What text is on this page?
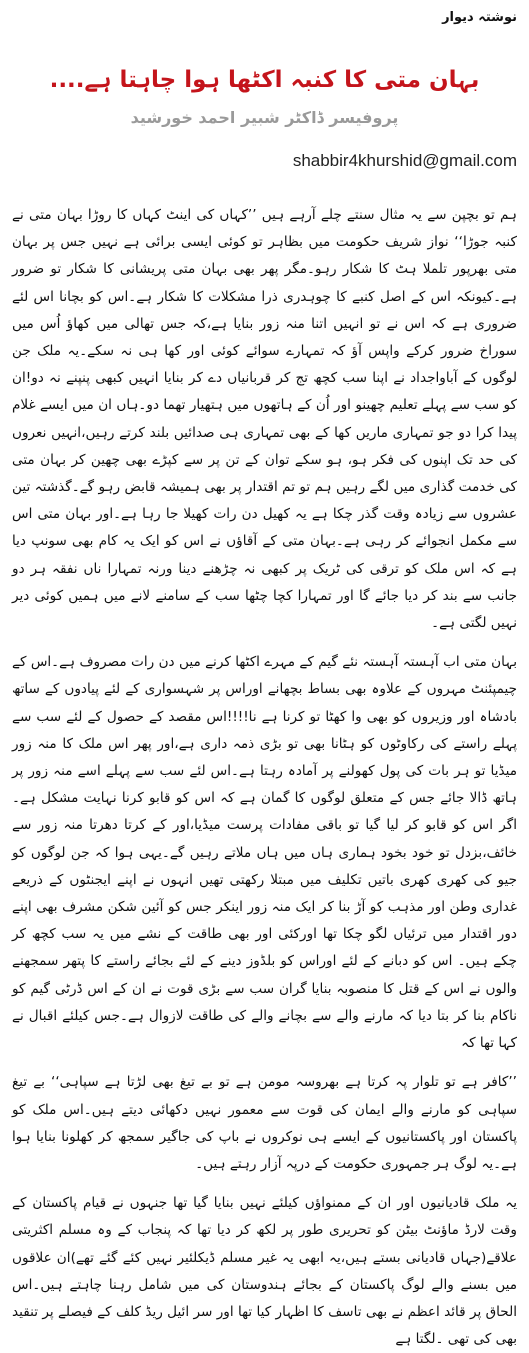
نوشتہ دیوار
بہان متی کا کنبہ اکٹھا ہوا چاہتا ہے....
پروفیسر ڈاکٹر شبیر احمد خورشید
shabbir4khurshid@gmail.com

ہم تو بچپن سے یہ مثال سنتے چلے آرہے ہیں ’’کہاں کی اینٹ کہاں کا روڑا بہان متی نے کنبہ جوڑا‘‘ نواز شریف حکومت میں بظاہر تو کوئی ایسی برائی ہے نہیں جس پر بہان متی بھرپور تلملا ہٹ کا شکار رہو۔مگر پھر بھی بہان متی پریشانی کا شکار تو ضرور ہے۔کیونکہ اس کے اصل کنبے کا چوہدری ذرا مشکلات کا شکار ہے۔اس کو بچانا اس لئے ضروری ہے کہ اس نے تو انہیں اتنا منہ زور بنایا ہے،کہ جس تھالی میں کھاؤ اُس میں سوراخ ضرور کرکے واپس آؤ کہ تمہارے سوائے کوئی اور کھا ہی نہ سکے۔یہ ملک جن لوگوں کے آباواجداد نے اپنا سب کچھ تج کر قربانیاں دے کر بنایا انہیں کبھی پنپنے نہ دو!ان کو سب سے پہلے تعلیم چھینو اور اُن کے ہاتھوں میں ہتھیار تھما دو۔ہاں ان میں ایسے غلام پیدا کرا دو جو تمہاری ماریں کھا کے بھی تمہاری ہی صدائیں بلند کرتے رہیں،انہیں نعروں کی حد تک اپنوں کی فکر ہو، ہو سکے توان کے تن پر سے کپڑے بھی چھین کر بہان متی کی خدمت گذاری میں لگے رہیں ہم تو تم اقتدار پر بھی ہمیشہ قابض رہو گے۔گذشتہ تین عشروں سے زیادہ وقت گذر چکا ہے یہ کھیل دن رات کھیلا جا رہا ہے۔اور بہان متی اس سے مکمل انجوائے کر رہی ہے۔بہان متی کے آقاؤں نے اس کو ایک یہ کام بھی سونپ دیا ہے کہ اس ملک کو ترقی کی ٹریک پر کبھی نہ چڑھنے دینا ورنہ تمہارا ناں نفقہ ہر دو جانب سے بند کر دیا جائے گا اور تمہارا کچا چٹھا سب کے سامنے لانے میں ہمیں کوئی دیر نہیں لگتی ہے۔

بہان متی اب آہستہ آہستہ نئے گیم کے مہرے اکٹھا کرنے میں دن رات مصروف ہے۔اس کے چیمپئنٹ مہروں کے علاوہ بھی بساط بچھانے اوراس پر شہسواری کے لئے پیادوں کے ساتھ بادشاہ اور وزیروں کو بھی وا کھٹا تو کرنا ہے نا!!!!اس مقصد کے حصول کے لئے سب سے پہلے راستے کی رکاوٹوں کو ہٹانا بھی تو بڑی ذمہ داری ہے،اور پھر اس ملک کا منہ زور میڈیا تو ہر بات کی پول کھولنے پر آمادہ رہتا ہے۔اس لئے سب سے پہلے اسے منہ زور پر ہاتھ ڈالا جائے جس کے متعلق لوگوں کا گمان ہے کہ اس کو قابو کرنا نہایت مشکل ہے۔اگر اس کو قابو کر لیا گیا تو باقی مفادات پرست میڈیا،اور کے کرتا دھرتا منہ زور سے خائف،بزدل تو خود بخود ہماری ہاں میں ہاں ملاتے رہیں گے۔یہی ہوا کہ جن لوگوں کو جیو کی کھری کھری باتیں تکلیف میں مبتلا رکھتی تھیں انہوں نے اپنے ایجنٹوں کے ذریعے غداری وطن اور مذہب کو آڑ بنا کر ایک منہ زور اینکر جس کو آئین شکن مشرف بھی اپنے دور اقتدار میں ترئیاں لگو چکا تھا اورکئی اور بھی طاقت کے نشے میں یہ سب کچھ کر چکے ہیں۔ اس کو دبانے کے لئے اوراس کو بلڈوز دینے کے لئے بجائے راستے کا پتھر سمجھنے والوں نے اس کے قتل کا منصوبہ بنایا گران سب سے بڑی قوت نے ان کے اس ڈرٹی گیم کو ناکام بنا کر بتا دیا کہ مارنے والے سے بچانے والے کی طاقت لازوال ہے۔جس کیلئے اقبال نے کہا تھا کہ

’’کافر ہے تو تلوار پہ کرتا ہے بھروسہ مومن ہے تو بے تیغ بھی لڑتا ہے سپاہی‘‘ بے تیغ سپاہی کو مارنے والے ایمان کی قوت سے معمور نہیں دکھائی دیتے ہیں۔اس ملک کو پاکستان اور پاکستانیوں کے ایسے ہی نوکروں نے باپ کی جاگیر سمجھ کر کھلونا بنایا ہوا ہے۔یہ لوگ ہر جمہوری حکومت کے درپہ آزار رہتے ہیں۔

یہ ملک قادیانیوں اور ان کے ممنواؤں کیلئے نہیں بنایا گیا تھا جنہوں نے قیام پاکستان کے وقت لارڈ ماؤنٹ بیٹن کو تحریری طور پر لکھ کر دیا تھا کہ پنجاب کے وہ مسلم اکثریتی علاقے(جہاں قادیانی بستے ہیں،یہ ابھی یہ غیر مسلم ڈیکلئیر نہیں کئے گئے تھے)ان علاقوں میں بسنے والے لوگ پاکستان کے بجائے ہندوستان کی میں شامل رہنا چاہتے ہیں۔اس الحاق پر قائد اعظم نے بھی تاسف کا اظہار کیا تھا اور سر ائیل ریڈ کلف کے فیصلے پر تنقید بھی کی تھی ۔لگتا ہے
